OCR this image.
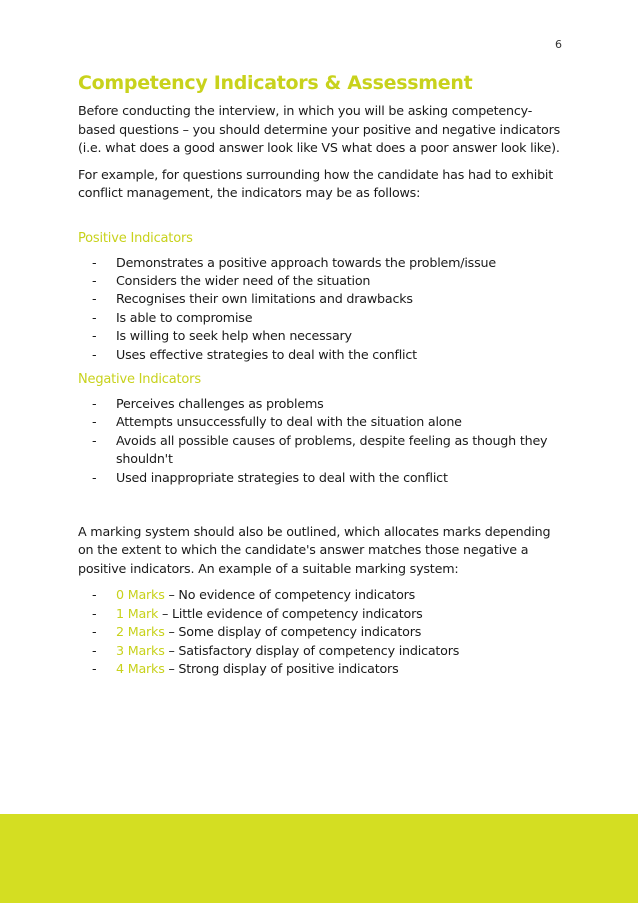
6
Competency Indicators & Assessment

Before conducting the interview, in which you will be asking competency-based questions – you should determine your positive and negative indicators (i.e. what does a good answer look like VS what does a poor answer look like).

For example, for questions surrounding how the candidate has had to exhibit conflict management, the indicators may be as follows:

Positive Indicators
- Demonstrates a positive approach towards the problem/issue
- Considers the wider need of the situation
- Recognises their own limitations and drawbacks
- Is able to compromise
- Is willing to seek help when necessary
- Uses effective strategies to deal with the conflict
Negative Indicators
- Perceives challenges as problems
- Attempts unsuccessfully to deal with the situation alone
- Avoids all possible causes of problems, despite feeling as though they shouldn't
- Used inappropriate strategies to deal with the conflict

A marking system should also be outlined, which allocates marks depending on the extent to which the candidate's answer matches those negative a positive indicators. An example of a suitable marking system:

- 0 Marks – No evidence of competency indicators
- 1 Mark – Little evidence of competency indicators
- 2 Marks – Some display of competency indicators
- 3 Marks – Satisfactory display of competency indicators
- 4 Marks – Strong display of positive indicators
